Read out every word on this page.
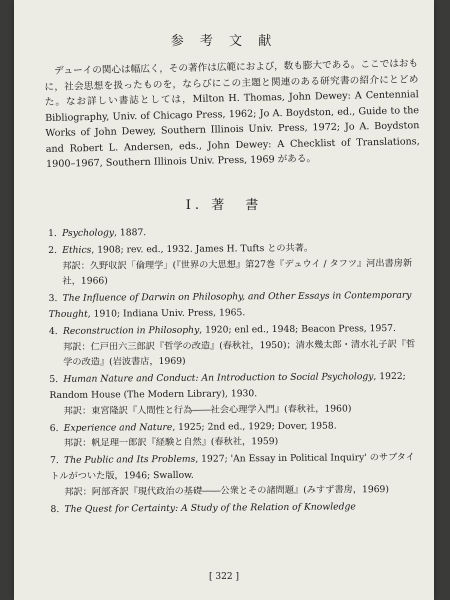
参 考 文 献

デューイの関心は幅広く，その著作は広範におよび，数も膨大である。ここではおもに，社会思想を扱ったものを，ならびにこの主題と関連のある研究書の紹介にとどめた。なお詳しい書誌としては，Milton H. Thomas, John Dewey: A Centennial Bibliography, Univ. of Chicago Press, 1962; Jo A. Boydston, ed., Guide to the Works of John Dewey, Southern Illinois Univ. Press, 1972; Jo A. Boydston and Robert L. Andersen, eds., John Dewey: A Checklist of Translations, 1900–1967, Southern Illinois Univ. Press, 1969 がある。

I. 著　書
1. Psychology, 1887.
2. Ethics, 1908; rev. ed., 1932. James H. Tufts との共著。
邦訳：久野収訳「倫理学」(『世界の大思想』第27巻『デュウイ / タフツ』河出書房新社，1966)
3. The Influence of Darwin on Philosophy, and Other Essays in Contemporary Thought, 1910; Indiana Univ. Press, 1965.
4. Reconstruction in Philosophy, 1920; enl ed., 1948; Beacon Press, 1957.
邦訳：仁戸田六三郎訳『哲学の改造』(春秋社，1950)；清水幾太郎・清水礼子訳『哲学の改造』(岩波書店，1969)
5. Human Nature and Conduct: An Introduction to Social Psychology, 1922; Random House (The Modern Library), 1930.
邦訳：東宮隆訳『人間性と行為――社会心理学入門』(春秋社，1960)
6. Experience and Nature, 1925; 2nd ed., 1929; Dover, 1958.
邦訳：帆足理一郎訳『経験と自然』(春秋社，1959)
7. The Public and Its Problems, 1927; 'An Essay in Political Inquiry' のサブタイトルがついた版，1946; Swallow.
邦訳：阿部斉訳『現代政治の基礎――公衆とその諸問題』(みすず書房，1969)
8. The Quest for Certainty: A Study of the Relation of Knowledge
[ 322 ]
